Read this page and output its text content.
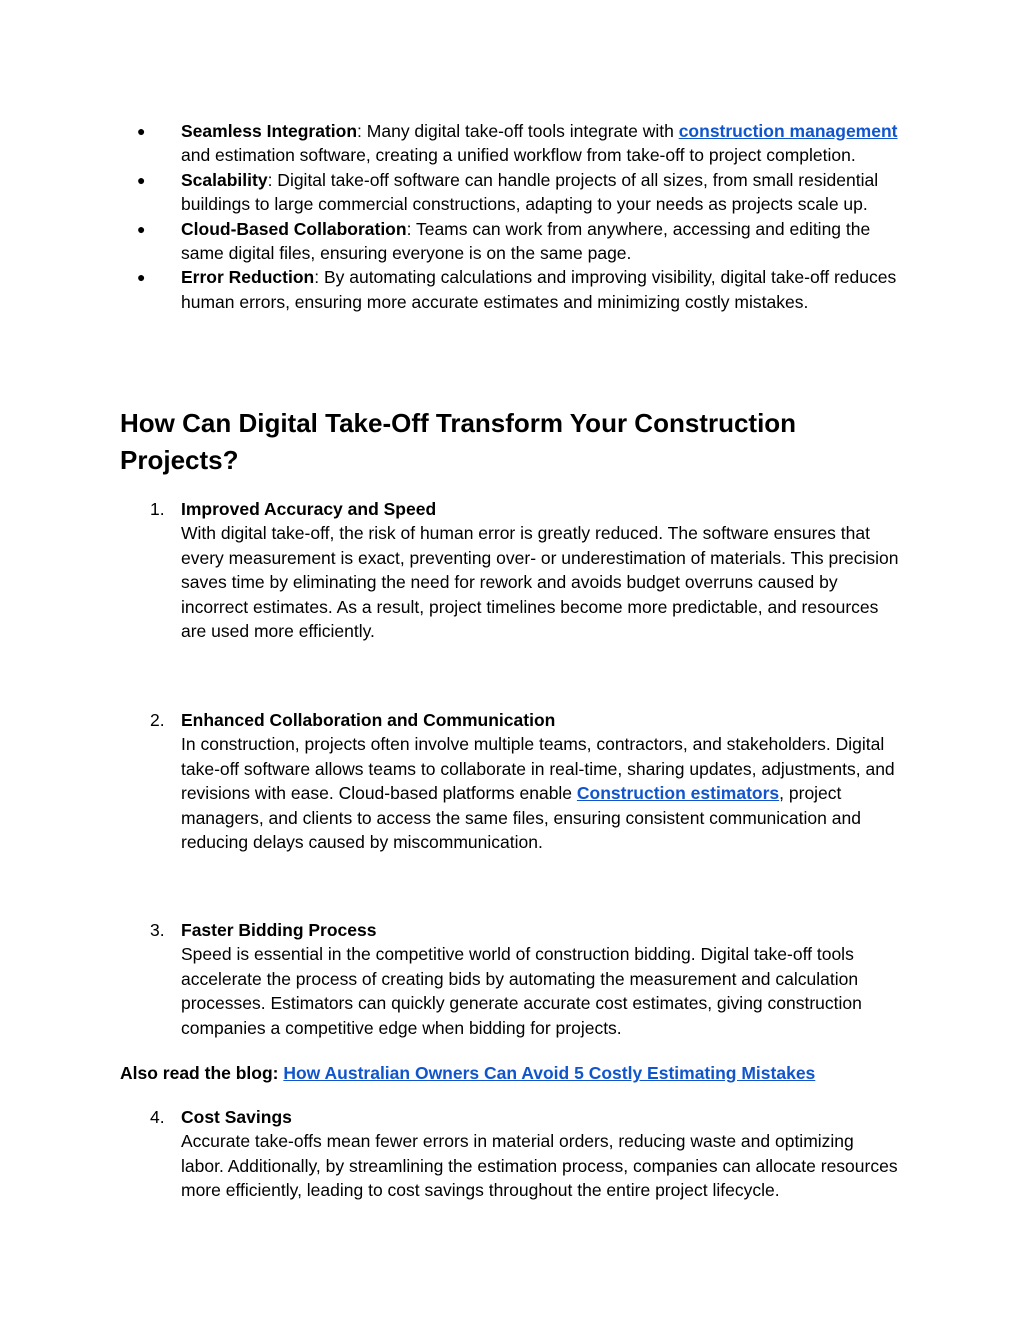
● Seamless Integration: Many digital take-off tools integrate with construction management and estimation software, creating a unified workflow from take-off to project completion.
● Scalability: Digital take-off software can handle projects of all sizes, from small residential buildings to large commercial constructions, adapting to your needs as projects scale up.
● Cloud-Based Collaboration: Teams can work from anywhere, accessing and editing the same digital files, ensuring everyone is on the same page.
● Error Reduction: By automating calculations and improving visibility, digital take-off reduces human errors, ensuring more accurate estimates and minimizing costly mistakes.
How Can Digital Take-Off Transform Your Construction Projects?
1. Improved Accuracy and Speed
With digital take-off, the risk of human error is greatly reduced. The software ensures that every measurement is exact, preventing over- or underestimation of materials. This precision saves time by eliminating the need for rework and avoids budget overruns caused by incorrect estimates. As a result, project timelines become more predictable, and resources are used more efficiently.
2. Enhanced Collaboration and Communication
In construction, projects often involve multiple teams, contractors, and stakeholders. Digital take-off software allows teams to collaborate in real-time, sharing updates, adjustments, and revisions with ease. Cloud-based platforms enable Construction estimators, project managers, and clients to access the same files, ensuring consistent communication and reducing delays caused by miscommunication.
3. Faster Bidding Process
Speed is essential in the competitive world of construction bidding. Digital take-off tools accelerate the process of creating bids by automating the measurement and calculation processes. Estimators can quickly generate accurate cost estimates, giving construction companies a competitive edge when bidding for projects.
Also read the blog: How Australian Owners Can Avoid 5 Costly Estimating Mistakes
4. Cost Savings
Accurate take-offs mean fewer errors in material orders, reducing waste and optimizing labor. Additionally, by streamlining the estimation process, companies can allocate resources more efficiently, leading to cost savings throughout the entire project lifecycle.
